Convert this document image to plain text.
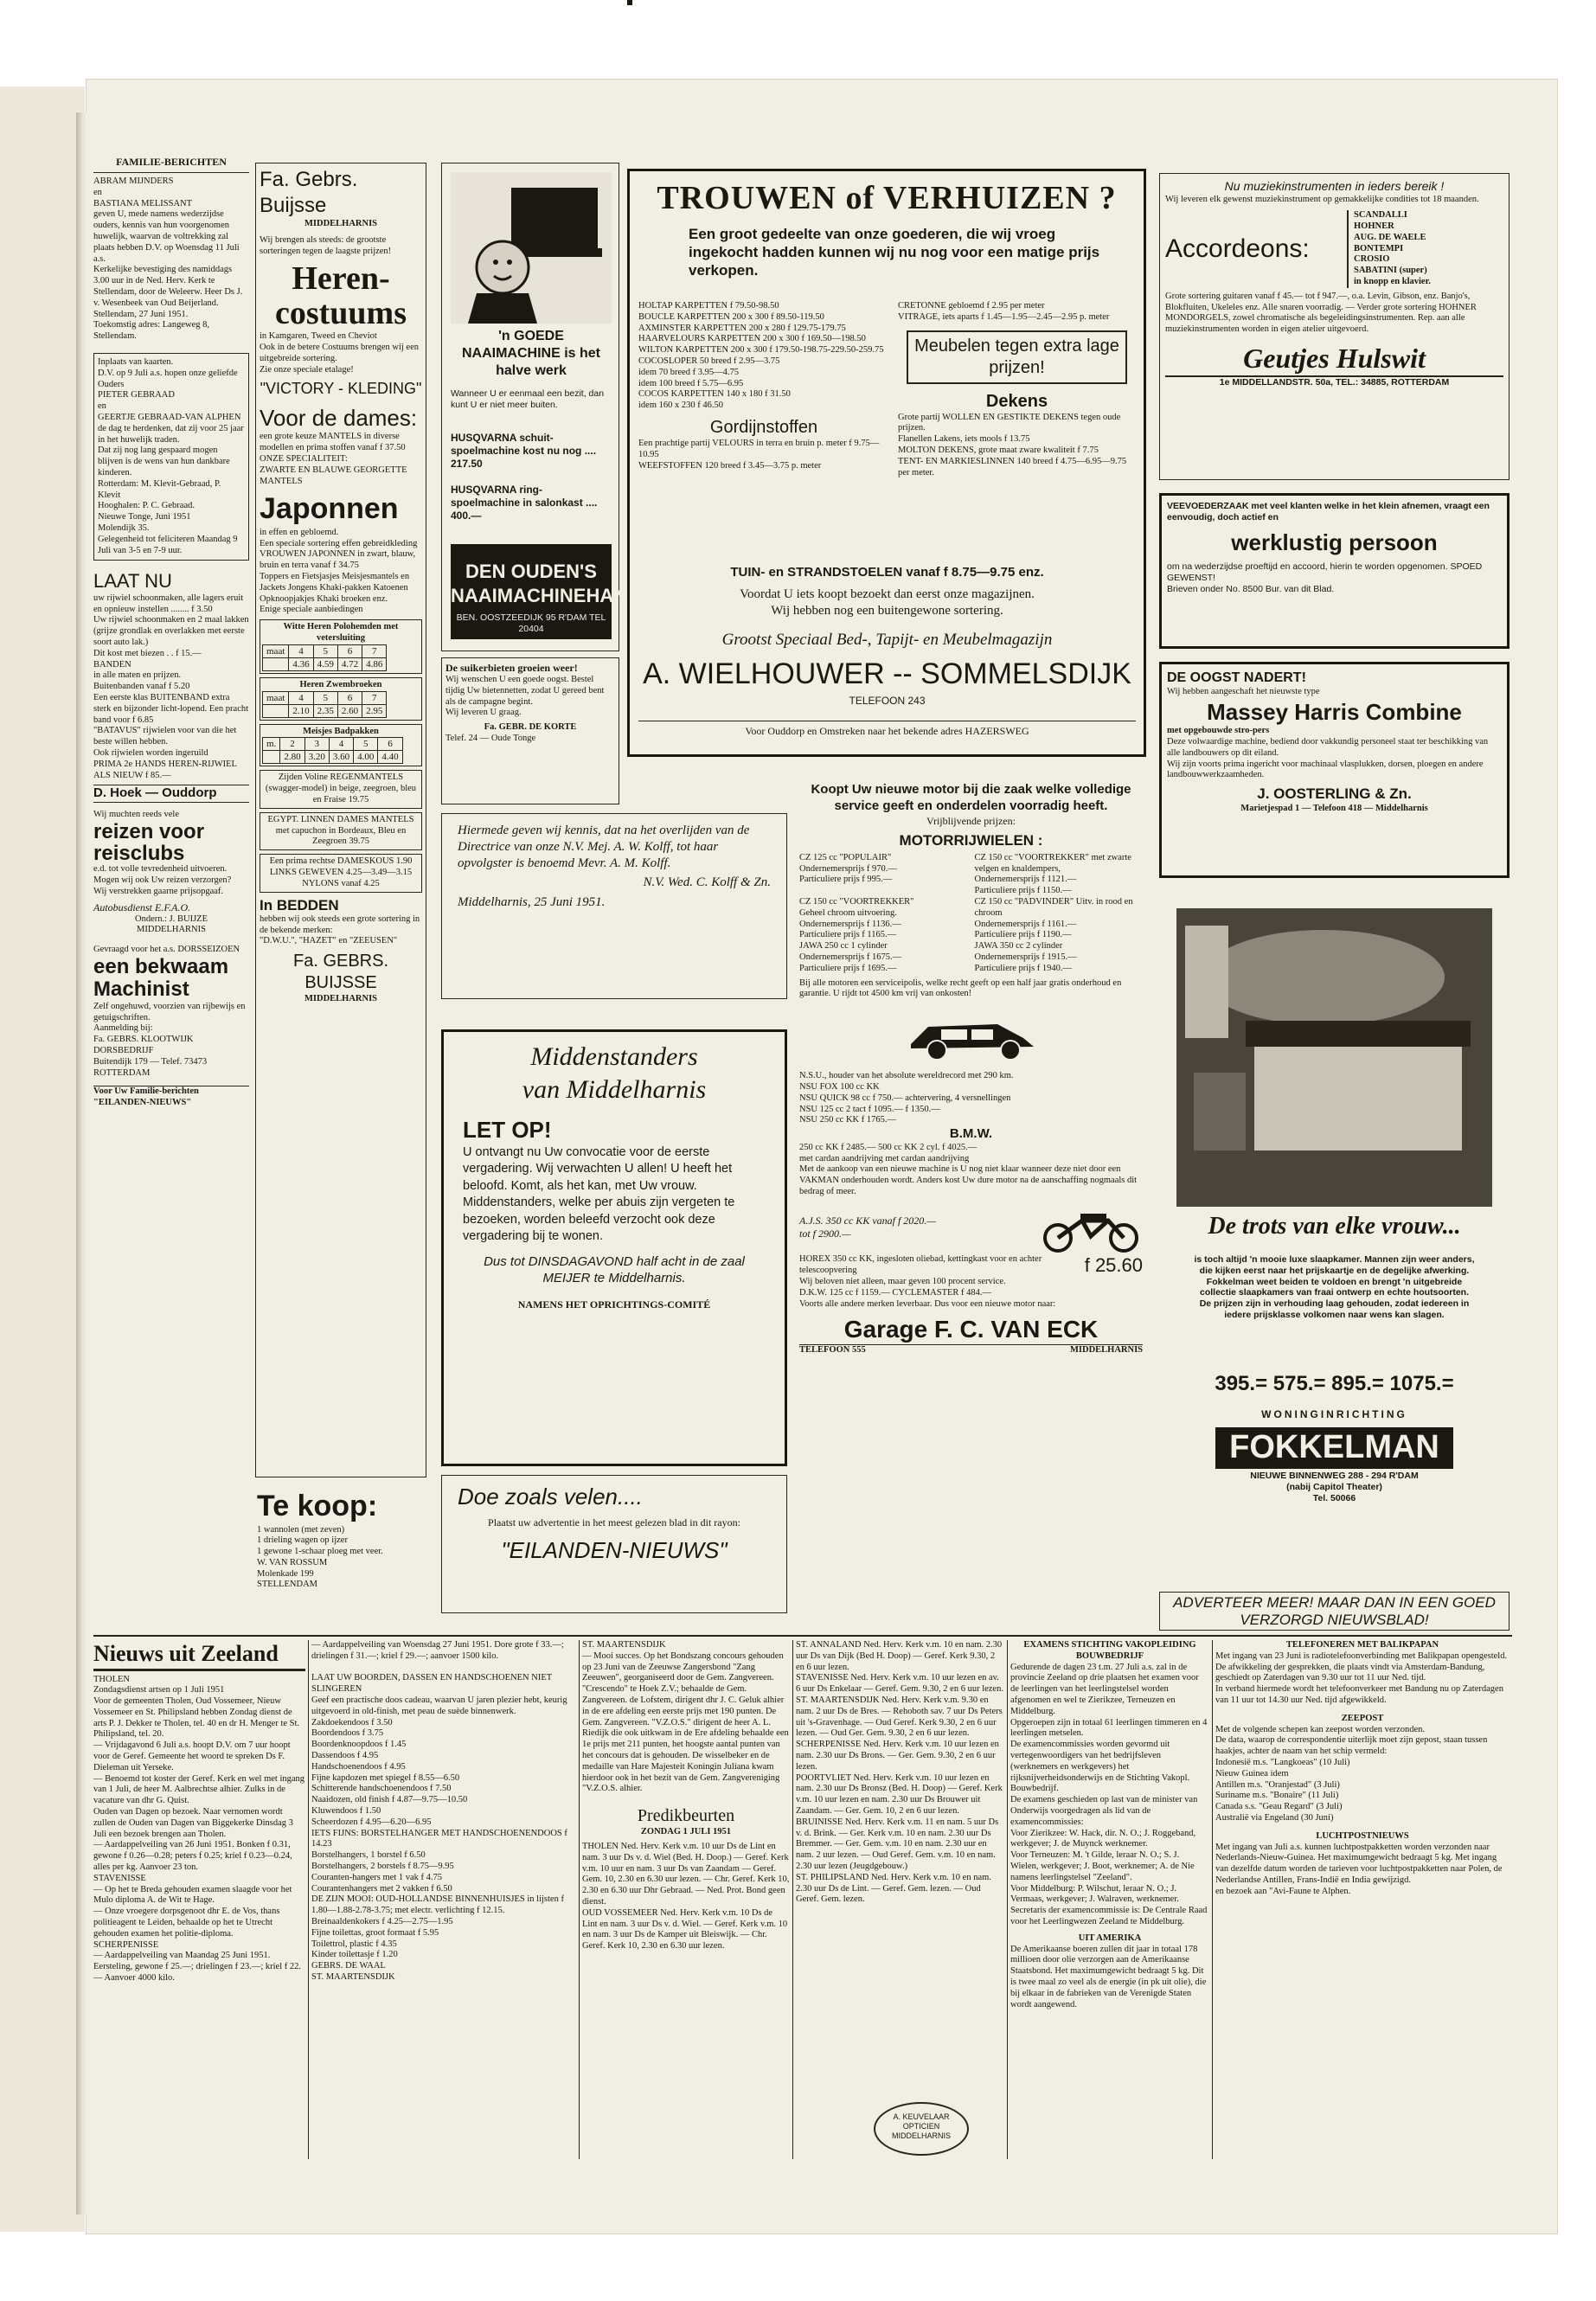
FAMILIE-BERICHTEN

ABRAM MIJNDERS
en
BASTIANA MELISSANT
geven U, mede namens wederzijdse ouders, kennis van hun voorgenomen huwelijk, waarvan de voltrekking zal plaats hebben D.V. op Woensdag 11 Juli a.s.
Kerkelijke bevestiging des namiddags 3.00 uur in de Ned. Herv. Kerk te Stellendam, door de Weleerw. Heer Ds J. v. Wesenbeek van Oud Beijerland.
Stellendam, 27 Juni 1951.
Toekomstig adres: Langeweg 8, Stellendam.

Inplaats van kaarten.
D.V. op 9 Juli a.s. hopen onze geliefde Ouders
PIETER GEBRAAD
en
GEERTJE GEBRAAD-VAN ALPHEN
de dag te herdenken, dat zij voor 25 jaar in het huwelijk traden.
Dat zij nog lang gespaard mogen blijven is de wens van hun dankbare kinderen.
Rotterdam: M. Klevit-Gebraad, P. Klevit
Hooghalen: P. C. Gebraad.
Nieuwe Tonge, Juni 1951
Molendijk 35.
Gelegenheid tot feliciteren Maandag 9 Juli van 3-5 en 7-9 uur.

LAAT NU

uw rijwiel schoonmaken, alle lagers eruit en opnieuw instellen ........ f 3.50
Uw rijwiel schoonmaken en 2 maal lakken (grijze grondlak en overlakken met eerste soort auto lak.)
Dit kost met biezen . . f 15.—
BANDEN
in alle maten en prijzen.
Buitenbanden vanaf f 5.20
Een eerste klas BUITENBAND extra sterk en bijzonder licht-lopend. Een pracht band voor f 6.85
"BATAVUS" rijwielen voor van die het beste willen hebben.
Ook rijwielen worden ingeruild
PRIMA 2e HANDS HEREN-RIJWIEL ALS NIEUW f 85.—

D. Hoek — Ouddorp

Wij muchten reeds vele

reizen voor reisclubs

e.d. tot volle tevredenheid uitvoeren.
Mogen wij ook Uw reizen verzorgen?
Wij verstrekken gaarne prijsopgaaf.

Autobusdienst E.F.A.O.

Ondern.: J. BUIJZE
MIDDELHARNIS

Gevraagd voor het a.s. DORSSEIZOEN

een bekwaam Machinist

Zelf ongehuwd, voorzien van rijbewijs en getuigschriften.
Aanmelding bij:
Fa. GEBRS. KLOOTWIJK
DORSBEDRIJF
Buitendijk 179 — Telef. 73473
ROTTERDAM

Voor Uw Familie-berichten
"EILANDEN-NIEUWS"

Fa. Gebrs. Buijsse

MIDDELHARNIS

Wij brengen als steeds: de grootste sorteringen tegen de laagste prijzen!

Heren-costuums

in Kamgaren, Tweed en Cheviot
Ook in de betere Costuums brengen wij een uitgebreide sortering.
Zie onze speciale etalage!

"VICTORY - KLEDING"

Voor de dames:

een grote keuze MANTELS in diverse modellen en prima stoffen vanaf f 37.50
ONZE SPECIALITEIT:
ZWARTE EN BLAUWE GEORGETTE MANTELS

Japonnen

in effen en gebloemd.
Een speciale sortering effen gebreidkleding
VROUWEN JAPONNEN in zwart, blauw, bruin en terra vanaf f 34.75
Toppers en Fietsjasjes Meisjesmantels en Jackets Jongens Khaki-pakken Katoenen Opknoopjakjes Khaki broeken enz.
Enige speciale aanbiedingen

Witte Heren Polohemden met vetersluiting

maat	4	5	6	7
	4.36	4.59	4.72	4.86

Heren Zwembroeken

maat	4	5	6	7
	2.10	2.35	2.60	2.95

Meisjes Badpakken

m.	2	3	4	5	6
	2.80	3.20	3.60	4.00	4.40

Zijden Voline REGENMANTELS (swagger-model) in beige, zeegroen, bleu en Fraise 19.75

EGYPT. LINNEN DAMES MANTELS met capuchon in Bordeaux, Bleu en Zeegroen 39.75

Een prima rechtse DAMESKOUS 1.90
LINKS GEWEVEN 4.25—3.49—3.15
NYLONS vanaf 4.25

In BEDDEN

hebben wij ook steeds een grote sortering in de bekende merken:
"D.W.U.", "HAZET" en "ZEEUSEN"

Fa. GEBRS. BUIJSSE

MIDDELHARNIS

Te koop:

1 wannolen (met zeven)
1 drieling wagen op ijzer
1 gewone 1-schaar ploeg met veer.
W. VAN ROSSUM
Molenkade 199
STELLENDAM

'n GOEDE NAAIMACHINE is het halve werk

Wanneer U er eenmaal een bezit, dan kunt U er niet meer buiten.

HUSQVARNA schuit-spoelmachine kost nu nog .... 217.50

HUSQVARNA ring-spoelmachine in salonkast .... 400.—

DEN OUDEN'S NAAIMACHINEHANDEL

BEN. OOSTZEEDIJK 95 R'DAM TEL 20404

De suikerbieten groeien weer!

Wij wenschen U een goede oogst. Bestel tijdig Uw bietennetten, zodat U gereed bent als de campagne begint.
Wij leveren U graag.

Fa. GEBR. DE KORTE

Telef. 24 — Oude Tonge

TROUWEN of VERHUIZEN ?

Een groot gedeelte van onze goederen, die wij vroeg ingekocht hadden kunnen wij nu nog voor een matige prijs verkopen.

HOLTAP KARPETTEN f 79.50-98.50
BOUCLE KARPETTEN 200 x 300 f 89.50-119.50
AXMINSTER KARPETTEN 200 x 280 f 129.75-179.75
HAARVELOURS KARPETTEN 200 x 300 f 169.50—198.50
WILTON KARPETTEN 200 x 300 f 179.50-198.75-229.50-259.75
COCOSLOPER 50 breed f 2.95—3.75
idem 70 breed f 3.95—4.75
idem 100 breed f 5.75—6.95
COCOS KARPETTEN 140 x 180 f 31.50
idem 160 x 230 f 46.50

Gordijnstoffen

Een prachtige partij VELOURS in terra en bruin p. meter f 9.75—10.95
WEEFSTOFFEN 120 breed f 3.45—3.75 p. meter

CRETONNE gebloemd f 2.95 per meter
VITRAGE, iets aparts f 1.45—1.95—2.45—2.95 p. meter

Meubelen tegen extra lage prijzen!

Dekens

Grote partij WOLLEN EN GESTIKTE DEKENS tegen oude prijzen.
Flanellen Lakens, iets mools f 13.75
MOLTON DEKENS, grote maat zware kwaliteit f 7.75
TENT- EN MARKIESLINNEN 140 breed f 4.75—6.95—9.75 per meter.

TUIN- en STRANDSTOELEN vanaf f 8.75—9.75 enz.

Voordat U iets koopt bezoekt dan eerst onze magazijnen.
Wij hebben nog een buitengewone sortering.

Grootst Speciaal Bed-, Tapijt- en Meubelmagazijn

A. WIELHOUWER -- SOMMELSDIJK

TELEFOON 243

Voor Ouddorp en Omstreken naar het bekende adres HAZERSWEG

Hiermede geven wij kennis, dat na het overlijden van de Directrice van onze N.V. Mej. A. W. Kolff, tot haar opvolgster is benoemd Mevr. A. M. Kolff.

N.V. Wed. C. Kolff & Zn.

Middelharnis, 25 Juni 1951.

Middenstanders

van Middelharnis

LET OP!

U ontvangt nu Uw convocatie voor de eerste vergadering. Wij verwachten U allen! U heeft het beloofd. Komt, als het kan, met Uw vrouw.
Middenstanders, welke per abuis zijn vergeten te bezoeken, worden beleefd verzocht ook deze vergadering bij te wonen.

Dus tot DINSDAGAVOND half acht in de zaal MEIJER te Middelharnis.

NAMENS HET OPRICHTINGS-COMITÉ

Doe zoals velen....

Plaatst uw advertentie in het meest gelezen blad in dit rayon:

"EILANDEN-NIEUWS"

Koopt Uw nieuwe motor bij die zaak welke volledige service geeft en onderdelen voorradig heeft.

Vrijblijvende prijzen:

MOTORRIJWIELEN :

CZ 125 cc "POPULAIR"
Ondernemersprijs f 970.—
Particuliere prijs f 995.—

CZ 150 cc "VOORTREKKER"
Geheel chroom uitvoering.
Ondernemersprijs f 1136.—
Particuliere prijs f 1165.—
JAWA 250 cc 1 cylinder
Ondernemersprijs f 1675.—
Particuliere prijs f 1695.—

CZ 150 cc "VOORTREKKER" met zwarte velgen en knaldempers,
Ondernemersprijs f 1121.—
Particuliere prijs f 1150.—
CZ 150 cc "PADVINDER" Uitv. in rood en chroom
Ondernemersprijs f 1161.—
Particuliere prijs f 1190.—
JAWA 350 cc 2 cylinder
Ondernemersprijs f 1915.—
Particuliere prijs f 1940.—

Bij alle motoren een serviceipolis, welke recht geeft op een half jaar gratis onderhoud en garantie. U rijdt tot 4500 km vrij van onkosten!

N.S.U., houder van het absolute wereldrecord met 290 km.
NSU FOX 100 cc KK
NSU QUICK 98 cc f 750.— achtervering, 4 versnellingen
NSU 125 cc 2 tact f 1095.— f 1350.—
NSU 250 cc KK f 1765.—

B.M.W.

250 cc KK f 2485.— 500 cc KK 2 cyl. f 4025.—
met cardan aandrijving met cardan aandrijving
Met de aankoop van een nieuwe machine is U nog niet klaar wanneer deze niet door een VAKMAN onderhouden wordt. Anders kost Uw dure motor na de aanschaffing nogmaals dit bedrag of meer.

A.J.S. 350 cc KK vanaf f 2020.—
tot f 2900.—

HOREX 350 cc KK, ingesloten oliebad, kettingkast voor en achter telescoopvering	f 25.60

Wij beloven niet alleen, maar geven 100 procent service.
D.K.W. 125 cc f 1159.— CYCLEMASTER f 484.—
Voorts alle andere merken leverbaar. Dus voor een nieuwe motor naar:

Garage F. C. VAN ECK

TELEFOON 555	MIDDELHARNIS

Nu muziekinstrumenten in ieders bereik !

Wij leveren elk gewenst muziekinstrument op gemakkelijke condities tot 18 maanden.

Accordeons:

SCANDALLI
HOHNER
AUG. DE WAELE
BONTEMPI
CROSIO
SABATINI (super)
in knopp en klavier.

Grote sortering guitaren vanaf f 45.— tot f 947.—, o.a. Levin, Gibson, enz. Banjo's, Blokfluiten, Ukeleles enz. Alle snaren voorradig. — Verder grote sortering HOHNER MONDORGELS, zowel chromatische als begeleidingsinstrumenten. Rep. aan alle muziekinstrumenten worden in eigen atelier uitgevoerd.

Geutjes Hulswit

1e MIDDELLANDSTR. 50a, TEL.: 34885, ROTTERDAM

VEEVOEDERZAAK met veel klanten welke in het klein afnemen, vraagt een eenvoudig, doch actief en

werklustig persoon

om na wederzijdse proeftijd en accoord, hierin te worden opgenomen. SPOED GEWENST!
Brieven onder No. 8500 Bur. van dit Blad.

DE OOGST NADERT!

Wij hebben aangeschaft het nieuwste type

Massey Harris Combine

met opgebouwde stro-pers

Deze volwaardige machine, bediend door vakkundig personeel staat ter beschikking van alle landbouwers op dit eiland.
Wij zijn voorts prima ingericht voor machinaal vlasplukken, dorsen, ploegen en andere landbouwwerkzaamheden.

J. OOSTERLING & Zn.

Marietjespad 1 — Telefoon 418 — Middelharnis

De trots van elke vrouw...

is toch altijd 'n mooie luxe slaapkamer. Mannen zijn weer anders, die kijken eerst naar het prijskaartje en de degelijke afwerking. Fokkelman weet beiden te voldoen en brengt 'n uitgebreide collectie slaapkamers van fraai ontwerp en echte houtsoorten. De prijzen zijn in verhouding laag gehouden, zodat iedereen in iedere prijsklasse volkomen naar wens kan slagen.

395.= 575.= 895.= 1075.=

WONINGINRICHTING

FOKKELMAN

NIEUWE BINNENWEG 288 - 294 R'DAM
(nabij Capitol Theater)
Tel. 50066

ADVERTEER MEER! MAAR DAN IN EEN GOED VERZORGD NIEUWSBLAD!

Nieuws uit Zeeland

THOLEN
Zondagsdienst artsen op 1 Juli 1951
Voor de gemeenten Tholen, Oud Vossemeer, Nieuw Vossemeer en St. Philipsland hebben Zondag dienst de arts P. J. Dekker te Tholen, tel. 40 en dr H. Menger te St. Philipsland, tel. 20.
— Vrijdagavond 6 Juli a.s. hoopt D.V. om 7 uur hoopt voor de Geref. Gemeente het woord te spreken Ds F. Dieleman uit Yerseke.
— Benoemd tot koster der Geref. Kerk en wel met ingang van 1 Juli, de heer M. Aalbrechtse alhier. Zulks in de vacature van dhr G. Quist.
Ouden van Dagen op bezoek. Naar vernomen wordt zullen de Ouden van Dagen van Biggekerke Dinsdag 3 Juli een bezoek brengen aan Tholen.
— Aardappelveiling van 26 Juni 1951. Bonken f 0.31, gewone f 0.26—0.28; peters f 0.25; kriel f 0.23—0.24, alles per kg. Aanvoer 23 ton.
STAVENISSE
— Op het te Breda gehouden examen slaagde voor het Mulo diploma A. de Wit te Hage.
— Onze vroegere dorpsgenoot dhr E. de Vos, thans politieagent te Leiden, behaalde op het te Utrecht gehouden examen het politie-diploma.
SCHERPENISSE
— Aardappelveiling van Maandag 25 Juni 1951. Eersteling, gewone f 25.—; drielingen f 23.—; kriel f 22.— Aanvoer 4000 kilo.

— Aardappelveiling van Woensdag 27 Juni 1951. Dore grote f 33.—; drielingen f 31.—; kriel f 29.—; aanvoer 1500 kilo.

LAAT UW BOORDEN, DASSEN EN HANDSCHOENEN NIET SLINGEREN
Geef een practische doos cadeau, waarvan U jaren plezier hebt, keurig uitgevoerd in old-finish, met peau de suède binnenwerk.
Zakdoekendoos f 3.50
Boordendoos f 3.75
Boordenknoopdoos f 1.45
Dassendoos f 4.95
Handschoenendoos f 4.95
Fijne kapdozen met spiegel f 8.55—6.50
Schitterende handschoenendoos f 7.50
Naaidozen, old finish f 4.87—9.75—10.50
Kluwendoos f 1.50
Scheerdozen f 4.95—6.20—6.95
IETS FIJNS: BORSTELHANGER MET HANDSCHOENENDOOS f 14.23
Borstelhangers, 1 borstel f 6.50
Borstelhangers, 2 borstels f 8.75—9.95
Couranten-hangers met 1 vak f 4.75
Courantenhangers met 2 vakken f 6.50
DE ZIJN MOOI: OUD-HOLLANDSE BINNENHUISJES in lijsten f 1.80—1.88-2.78-3.75; met electr. verlichting f 12.15.
Breinaaldenkokers f 4.25—2.75—1.95
Fijne toilettas, groot formaat f 5.95
Toilettrol, plastic f 4.35
Kinder toilettasje f 1.20
GEBRS. DE WAAL
ST. MAARTENSDIJK

ST. MAARTENSDIJK
— Mooi succes. Op het Bondszang concours gehouden op 23 Juni van de Zeeuwse Zangersbond "Zang Zeeuwen", georganiseerd door de Gem. Zangvereen. "Crescendo" te Hoek Z.V.; behaalde de Gem. Zangvereen. de Lofstem, dirigent dhr J. C. Geluk alhier in de ere afdeling een eerste prijs met 190 punten. De Gem. Zangvereen. "V.Z.O.S." dirigent de heer A. L. Riedijk die ook uitkwam in de Ere afdeling behaalde een 1e prijs met 211 punten, het hoogste aantal punten van het concours dat is gehouden. De wisselbeker en de medaille van Hare Majesteit Koningin Juliana kwam hierdoor ook in het bezit van de Gem. Zangvereniging "V.Z.O.S. alhier.

Predikbeurten

ZONDAG 1 JULI 1951

THOLEN Ned. Herv. Kerk v.m. 10 uur Ds de Lint en nam. 3 uur Ds v. d. Wiel (Bed. H. Doop.) — Geref. Kerk v.m. 10 uur en nam. 3 uur Ds van Zaandam — Geref. Gem. 10, 2.30 en 6.30 uur lezen. — Chr. Geref. Kerk 10, 2.30 en 6.30 uur Dhr Gebraad. — Ned. Prot. Bond geen dienst.
OUD VOSSEMEER Ned. Herv. Kerk v.m. 10 Ds de Lint en nam. 3 uur Ds v. d. Wiel. — Geref. Kerk v.m. 10 en nam. 3 uur Ds de Kamper uit Bleiswijk. — Chr. Geref. Kerk 10, 2.30 en 6.30 uur lezen.

ST. ANNALAND Ned. Herv. Kerk v.m. 10 en nam. 2.30 uur Ds van Dijk (Bed H. Doop) — Geref. Kerk 9.30, 2 en 6 uur lezen.
STAVENISSE Ned. Herv. Kerk v.m. 10 uur lezen en av. 6 uur Ds Enkelaar — Geref. Gem. 9.30, 2 en 6 uur lezen.
ST. MAARTENSDIJK Ned. Herv. Kerk v.m. 9.30 en nam. 2 uur Ds de Bres. — Rehoboth sav. 7 uur Ds Peters uit 's-Gravenhage. — Oud Geref. Kerk 9.30, 2 en 6 uur lezen. — Oud Ger. Gem. 9.30, 2 en 6 uur lezen.
SCHERPENISSE Ned. Herv. Kerk v.m. 10 uur lezen en nam. 2.30 uur Ds Brons. — Ger. Gem. 9.30, 2 en 6 uur lezen.
POORTVLIET Ned. Herv. Kerk v.m. 10 uur lezen en nam. 2.30 uur Ds Bronsz (Bed. H. Doop) — Geref. Kerk v.m. 10 uur lezen en nam. 2.30 uur Ds Brouwer uit Zaandam. — Ger. Gem. 10, 2 en 6 uur lezen.
BRUINISSE Ned. Herv. Kerk v.m. 11 en nam. 5 uur Ds v. d. Brink. — Ger. Kerk v.m. 10 en nam. 2.30 uur Ds Bremmer. — Ger. Gem. v.m. 10 en nam. 2.30 uur en nam. 2 uur lezen. — Oud Geref. Gem. v.m. 10 en nam. 2.30 uur lezen (Jeugdgebouw.)
ST. PHILIPSLAND Ned. Herv. Kerk v.m. 10 en nam. 2.30 uur Ds de Lint. — Geref. Gem. lezen. — Oud Geref. Gem. lezen.

EXAMENS STICHTING VAKOPLEIDING BOUWBEDRIJF

Gedurende de dagen 23 t.m. 27 Juli a.s. zal in de provincie Zeeland op drie plaatsen het examen voor de leerlingen van het leerlingstelsel worden afgenomen en wel te Zierikzee, Terneuzen en Middelburg.
Opgeroepen zijn in totaal 61 leerlingen timmeren en 4 leerlingen metselen.
De examencommissies worden gevormd uit vertegenwoordigers van het bedrijfsleven (werknemers en werkgevers) het rijksnijverheidsonderwijs en de Stichting Vakopl. Bouwbedrijf.
De examens geschieden op last van de minister van Onderwijs voorgedragen als lid van de examencommissies:
Voor Zierikzee: W. Hack, dir. N. O.; J. Roggeband, werkgever; J. de Muynck werknemer.
Voor Terneuzen: M. 't Gilde, leraar N. O.; S. J. Wielen, werkgever; J. Boot, werknemer; A. de Nie namens leerlingstelsel "Zeeland".
Voor Middelburg: P. Wilschut, leraar N. O.; J. Vermaas, werkgever; J. Walraven, werknemer.
Secretaris der examencommissie is: De Centrale Raad voor het Leerlingwezen Zeeland te Middelburg.

UIT AMERIKA

De Amerikaanse boeren zullen dit jaar in totaal 178 millioen door olie verzorgen aan de Amerikaanse Staatsbond. Het maximumgewicht bedraagt 5 kg. Dit is twee maal zo veel als de energie (in pk uit olie), die bij elkaar in de fabrieken van de Verenigde Staten wordt aangewend.

TELEFONEREN MET BALIKPAPAN

Met ingang van 23 Juni is radiotelefoonverbinding met Balikpapan opengesteld.
De afwikkeling der gesprekken, die plaats vindt via Amsterdam-Bandung, geschiedt op Zaterdagen van 9.30 uur tot 11 uur Ned. tijd.
In verband hiermede wordt het telefoonverkeer met Bandung nu op Zaterdagen van 11 uur tot 14.30 uur Ned. tijd afgewikkeld.

ZEEPOST

Met de volgende schepen kan zeepost worden verzonden.
De data, waarop de correspondentie uiterlijk moet zijn gepost, staan tussen haakjes, achter de naam van het schip vermeld:
Indonesië m.s. "Langkoeas" (10 Juli)
Nieuw Guinea idem
Antillen m.s. "Oranjestad" (3 Juli)
Suriname m.s. "Bonaire" (11 Juli)
Canada s.s. "Geau Regard" (3 Juli)
Australië via Engeland (30 Juni)

LUCHTPOSTNIEUWS

Met ingang van Juli a.s. kunnen luchtpostpakketten worden verzonden naar Nederlands-Nieuw-Guinea. Het maximumgewicht bedraagt 5 kg. Met ingang van dezelfde datum worden de tarieven voor luchtpostpakketten naar Polen, de Nederlandse Antillen, Frans-Indië en India gewijzigd.
en bezoek aan "Avi-Faune te Alphen.

A. KEUVELAAR OPTICIEN MIDDELHARNIS
